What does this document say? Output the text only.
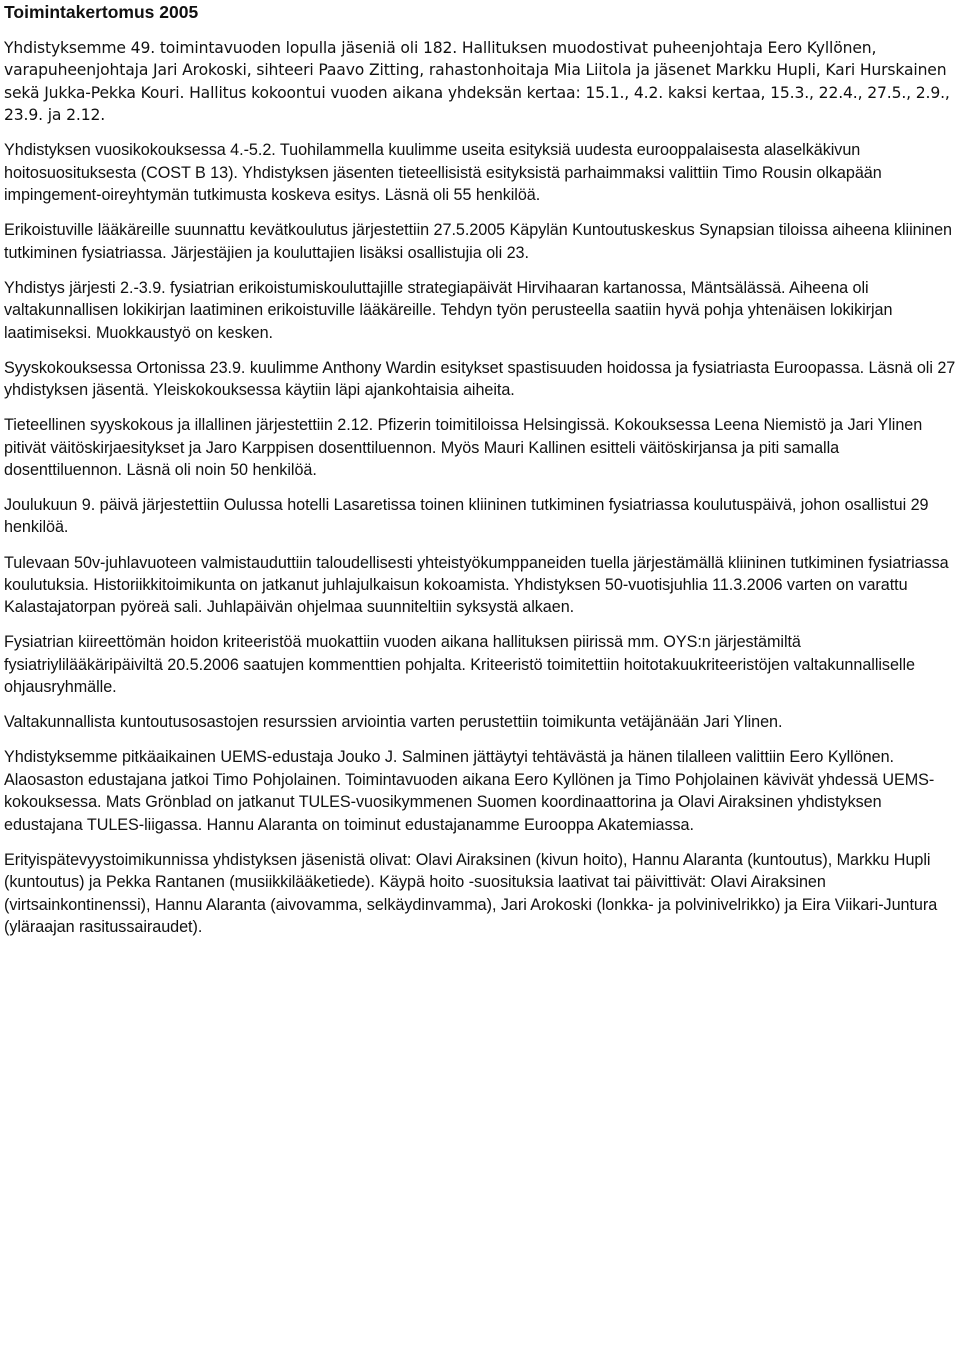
Toimintakertomus 2005

Yhdistyksemme 49. toimintavuoden lopulla jäseniä oli 182. Hallituksen muodostivat puheenjohtaja Eero Kyllönen, varapuheenjohtaja Jari Arokoski, sihteeri Paavo Zitting, rahastonhoitaja Mia Liitola ja jäsenet Markku Hupli, Kari Hurskainen sekä Jukka-Pekka Kouri. Hallitus kokoontui vuoden aikana yhdeksän kertaa: 15.1., 4.2. kaksi kertaa, 15.3., 22.4., 27.5., 2.9., 23.9. ja 2.12.

Yhdistyksen vuosikokouksessa 4.-5.2. Tuohilammella kuulimme useita esityksiä uudesta eurooppalaisesta alaselkäkivun hoitosuosituksesta (COST B 13). Yhdistyksen jäsenten tieteellisistä esityksistä parhaimmaksi valittiin Timo Rousin olkapään impingement-oireyhtymän tutkimusta koskeva esitys. Läsnä oli 55 henkilöä.

Erikoistuville lääkäreille suunnattu kevätkoulutus järjestettiin 27.5.2005 Käpylän Kuntoutuskeskus Synapsian tiloissa aiheena kliininen tutkiminen fysiatriassa. Järjestäjien ja kouluttajien lisäksi osallistujia oli 23.

Yhdistys järjesti 2.-3.9. fysiatrian erikoistumiskouluttajille strategiapäivät Hirvihaaran kartanossa, Mäntsälässä. Aiheena oli valtakunnallisen lokikirjan laatiminen erikoistuville lääkäreille. Tehdyn työn perusteella saatiin hyvä pohja yhtenäisen lokikirjan laatimiseksi. Muokkaustyö on kesken.

Syyskokouksessa Ortonissa 23.9. kuulimme Anthony Wardin esitykset spastisuuden hoidossa ja fysiatriasta Euroopassa. Läsnä oli 27 yhdistyksen jäsentä. Yleiskokouksessa käytiin läpi ajankohtaisia aiheita.

Tieteellinen syyskokous ja illallinen järjestettiin 2.12. Pfizerin toimitiloissa Helsingissä. Kokouksessa Leena Niemistö ja Jari Ylinen pitivät väitöskirjaesitykset ja Jaro Karppisen dosenttiluennon. Myös Mauri Kallinen esitteli väitöskirjansa ja piti samalla dosenttiluennon. Läsnä oli noin 50 henkilöä.

Joulukuun 9. päivä järjestettiin Oulussa hotelli Lasaretissa toinen kliininen tutkiminen fysiatriassa koulutuspäivä, johon osallistui 29 henkilöä.

Tulevaan 50v-juhlavuoteen valmistauduttiin taloudellisesti yhteistyökumppaneiden tuella järjestämällä kliininen tutkiminen fysiatriassa koulutuksia. Historiikkitoimikunta on jatkanut juhlajulkaisun kokoamista. Yhdistyksen 50-vuotisjuhlia 11.3.2006 varten on varattu Kalastajatorpan pyöreä sali. Juhlapäivän ohjelmaa suunniteltiin syksystä alkaen.

Fysiatrian kiireettömän hoidon kriteeristöä muokattiin vuoden aikana hallituksen piirissä mm. OYS:n järjestämiltä fysiatriylilääkäripäiviltä 20.5.2006 saatujen kommenttien pohjalta. Kriteeristö toimitettiin hoitotakuukriteeristöjen valtakunnalliselle ohjausryhmälle.

Valtakunnallista kuntoutusosastojen resurssien arviointia varten perustettiin toimikunta vetäjänään Jari Ylinen.

Yhdistyksemme pitkäaikainen UEMS-edustaja Jouko J. Salminen jättäytyi tehtävästä ja hänen tilalleen valittiin Eero Kyllönen. Alaosaston edustajana jatkoi Timo Pohjolainen. Toimintavuoden aikana Eero Kyllönen ja Timo Pohjolainen kävivät yhdessä UEMS-kokouksessa. Mats Grönblad on jatkanut TULES-vuosikymmenen Suomen koordinaattorina ja Olavi Airaksinen yhdistyksen edustajana TULES-liigassa. Hannu Alaranta on toiminut edustajanamme Eurooppa Akatemiassa.

Erityispätevyystoimikunnissa yhdistyksen jäsenistä olivat: Olavi Airaksinen (kivun hoito), Hannu Alaranta (kuntoutus), Markku Hupli (kuntoutus) ja Pekka Rantanen (musiikkilääketiede). Käypä hoito -suosituksia laativat tai päivittivät: Olavi Airaksinen (virtsainkontinenssi), Hannu Alaranta (aivovamma, selkäydinvamma), Jari Arokoski (lonkka- ja polvinivelrikko) ja Eira Viikari-Juntura (yläraajan rasitussairaudet).
